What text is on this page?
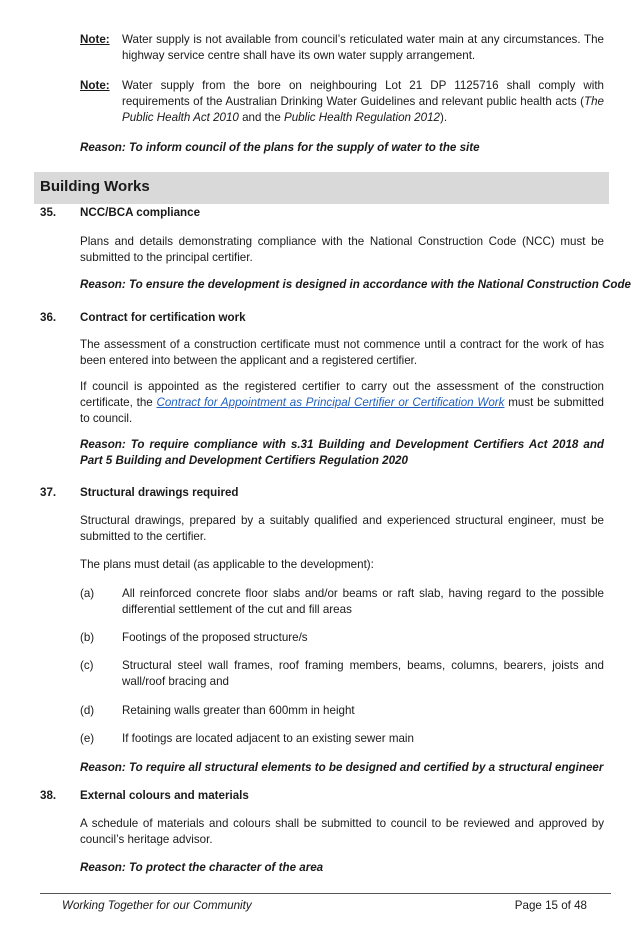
Note: Water supply is not available from council’s reticulated water main at any circumstances. The highway service centre shall have its own water supply arrangement.
Note: Water supply from the bore on neighbouring Lot 21 DP 1125716 shall comply with requirements of the Australian Drinking Water Guidelines and relevant public health acts (The Public Health Act 2010 and the Public Health Regulation 2012).
Reason: To inform council of the plans for the supply of water to the site
Building Works
35. NCC/BCA compliance
Plans and details demonstrating compliance with the National Construction Code (NCC) must be submitted to the principal certifier.
Reason: To ensure the development is designed in accordance with the National Construction Code
36. Contract for certification work
The assessment of a construction certificate must not commence until a contract for the work of has been entered into between the applicant and a registered certifier.
If council is appointed as the registered certifier to carry out the assessment of the construction certificate, the Contract for Appointment as Principal Certifier or Certification Work must be submitted to council.
Reason: To require compliance with s.31 Building and Development Certifiers Act 2018 and Part 5 Building and Development Certifiers Regulation 2020
37. Structural drawings required
Structural drawings, prepared by a suitably qualified and experienced structural engineer, must be submitted to the certifier.
The plans must detail (as applicable to the development):
(a) All reinforced concrete floor slabs and/or beams or raft slab, having regard to the possible differential settlement of the cut and fill areas
(b) Footings of the proposed structure/s
(c) Structural steel wall frames, roof framing members, beams, columns, bearers, joists and wall/roof bracing and
(d) Retaining walls greater than 600mm in height
(e) If footings are located adjacent to an existing sewer main
Reason: To require all structural elements to be designed and certified by a structural engineer
38. External colours and materials
A schedule of materials and colours shall be submitted to council to be reviewed and approved by council’s heritage advisor.
Reason: To protect the character of the area
Working Together for our Community	Page 15 of 48
